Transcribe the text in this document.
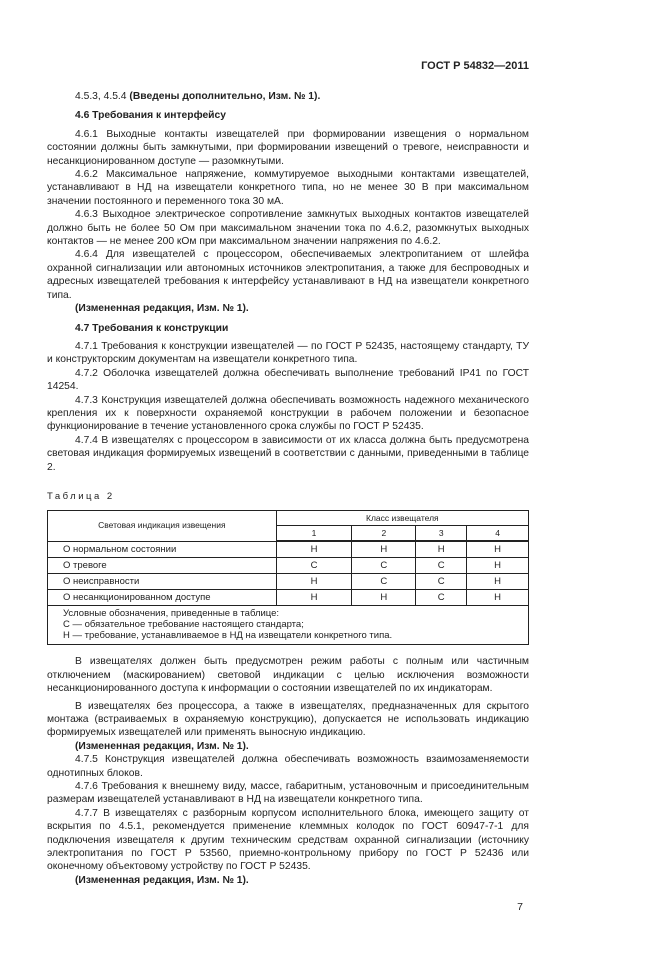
ГОСТ Р 54832—2011

4.5.3, 4.5.4 (Введены дополнительно, Изм. № 1).

4.6 Требования к интерфейсу

4.6.1 Выходные контакты извещателей при формировании извещения о нормальном состоянии должны быть замкнутыми, при формировании извещений о тревоге, неисправности и несанкционированном доступе — разомкнутыми.

4.6.2 Максимальное напряжение, коммутируемое выходными контактами извещателей, устанавливают в НД на извещатели конкретного типа, но не менее 30 В при максимальном значении постоянного и переменного тока 30 мА.

4.6.3 Выходное электрическое сопротивление замкнутых выходных контактов извещателей должно быть не более 50 Ом при максимальном значении тока по 4.6.2, разомкнутых выходных контактов — не менее 200 кОм при максимальном значении напряжения по 4.6.2.

4.6.4 Для извещателей с процессором, обеспечиваемых электропитанием от шлейфа охранной сигнализации или автономных источников электропитания, а также для беспроводных и адресных извещателей требования к интерфейсу устанавливают в НД на извещатели конкретного типа.

(Измененная редакция, Изм. № 1).

4.7 Требования к конструкции

4.7.1 Требования к конструкции извещателей — по ГОСТ Р 52435, настоящему стандарту, ТУ и конструкторским документам на извещатели конкретного типа.

4.7.2 Оболочка извещателей должна обеспечивать выполнение требований IP41 по ГОСТ 14254.

4.7.3 Конструкция извещателей должна обеспечивать возможность надежного механического крепления их к поверхности охраняемой конструкции в рабочем положении и безопасное функционирование в течение установленного срока службы по ГОСТ Р 52435.

4.7.4 В извещателях с процессором в зависимости от их класса должна быть предусмотрена световая индикация формируемых извещений в соответствии с данными, приведенными в таблице 2.

Таблица 2
Световая индикация извещения	Класс извещателя			
	1	2	3	4
О нормальном состоянии	Н	Н	Н	Н
О тревоге	С	С	С	Н
О неисправности	Н	С	С	Н
О несанкционированном доступе	Н	Н	С	Н

Условные обозначения, приведенные в таблице:
С — обязательное требование настоящего стандарта;
Н — требование, устанавливаемое в НД на извещатели конкретного типа.				

В извещателях должен быть предусмотрен режим работы с полным или частичным отключением (маскированием) световой индикации с целью исключения возможности несанкционированного доступа к информации о состоянии извещателей по их индикаторам.

В извещателях без процессора, а также в извещателях, предназначенных для скрытого монтажа (встраиваемых в охраняемую конструкцию), допускается не использовать индикацию формируемых извещателей или применять выносную индикацию.

(Измененная редакция, Изм. № 1).

4.7.5 Конструкция извещателей должна обеспечивать возможность взаимозаменяемости однотипных блоков.

4.7.6 Требования к внешнему виду, массе, габаритным, установочным и присоединительным размерам извещателей устанавливают в НД на извещатели конкретного типа.

4.7.7 В извещателях с разборным корпусом исполнительного блока, имеющего защиту от вскрытия по 4.5.1, рекомендуется применение клеммных колодок по ГОСТ 60947-7-1 для подключения извещателя к другим техническим средствам охранной сигнализации (источнику электропитания по ГОСТ Р 53560, приемно-контрольному прибору по ГОСТ Р 52436 или оконечному объектовому устройству по ГОСТ Р 52435.

(Измененная редакция, Изм. № 1).

7
